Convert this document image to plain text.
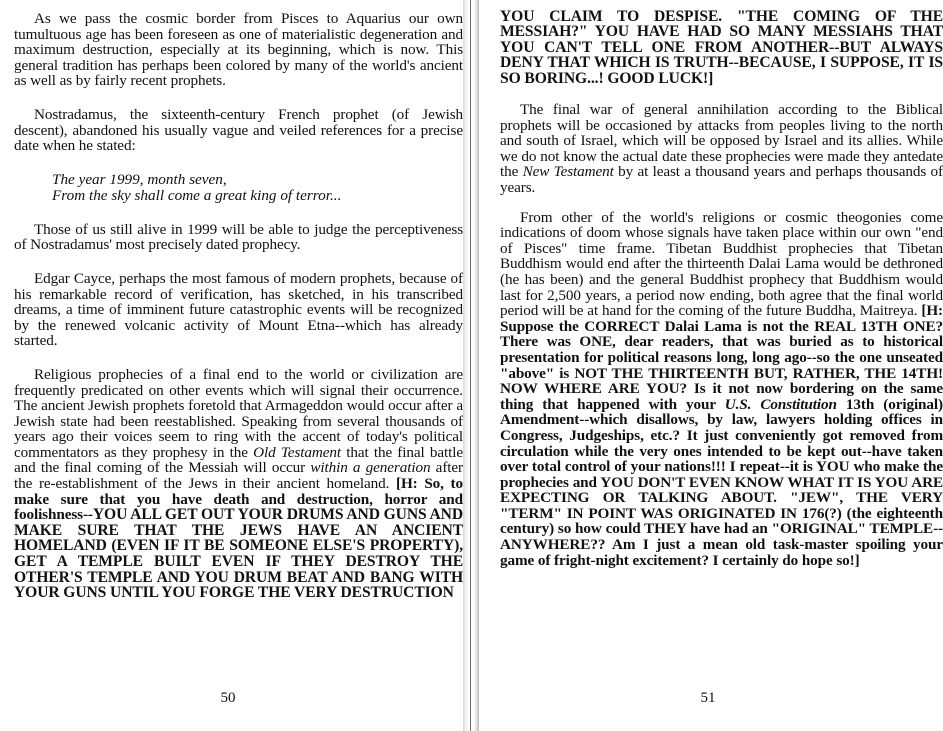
As we pass the cosmic border from Pisces to Aquarius our own tumultuous age has been foreseen as one of materialistic degeneration and maximum destruction, especially at its beginning, which is now. This general tradition has perhaps been colored by many of the world's ancient as well as by fairly recent prophets.

Nostradamus, the sixteenth-century French prophet (of Jewish descent), abandoned his usually vague and veiled references for a precise date when he stated:

The year 1999, month seven,
From the sky shall come a great king of terror...

Those of us still alive in 1999 will be able to judge the perceptiveness of Nostradamus' most precisely dated prophecy.

Edgar Cayce, perhaps the most famous of modern prophets, because of his remarkable record of verification, has sketched, in his transcribed dreams, a time of imminent future catastrophic events will be recognized by the renewed volcanic activity of Mount Etna--which has already started.

Religious prophecies of a final end to the world or civilization are frequently predicated on other events which will signal their occurrence. The ancient Jewish prophets foretold that Armageddon would occur after a Jewish state had been reestablished. Speaking from several thousands of years ago their voices seem to ring with the accent of today's political commentators as they prophesy in the Old Testament that the final battle and the final coming of the Messiah will occur within a generation after the re-establishment of the Jews in their ancient homeland. [H: So, to make sure that you have death and destruction, horror and foolishness--YOU ALL GET OUT YOUR DRUMS AND GUNS AND MAKE SURE THAT THE JEWS HAVE AN ANCIENT HOMELAND (EVEN IF IT BE SOMEONE ELSE'S PROPERTY), GET A TEMPLE BUILT EVEN IF THEY DESTROY THE OTHER'S TEMPLE AND YOU DRUM BEAT AND BANG WITH YOUR GUNS UNTIL YOU FORGE THE VERY DESTRUCTION

50

YOU CLAIM TO DESPISE. "THE COMING OF THE MESSIAH?" YOU HAVE HAD SO MANY MESSIAHS THAT YOU CAN'T TELL ONE FROM ANOTHER--BUT ALWAYS DENY THAT WHICH IS TRUTH--BECAUSE, I SUPPOSE, IT IS SO BORING...! GOOD LUCK!]

The final war of general annihilation according to the Biblical prophets will be occasioned by attacks from peoples living to the north and south of Israel, which will be opposed by Israel and its allies. While we do not know the actual date these prophecies were made they antedate the New Testament by at least a thousand years and perhaps thousands of years.

From other of the world's religions or cosmic theogonies come indications of doom whose signals have taken place within our own "end of Pisces" time frame. Tibetan Buddhist prophecies that Tibetan Buddhism would end after the thirteenth Dalai Lama would be dethroned (he has been) and the general Buddhist prophecy that Buddhism would last for 2,500 years, a period now ending, both agree that the final world period will be at hand for the coming of the future Buddha, Maitreya. [H: Suppose the CORRECT Dalai Lama is not the REAL 13TH ONE? There was ONE, dear readers, that was buried as to historical presentation for political reasons long, long ago--so the one unseated "above" is NOT THE THIRTEENTH BUT, RATHER, THE 14TH! NOW WHERE ARE YOU? Is it not now bordering on the same thing that happened with your U.S. Constitution 13th (original) Amendment--which disallows, by law, lawyers holding offices in Congress, Judgeships, etc.? It just conveniently got removed from circulation while the very ones intended to be kept out--have taken over total control of your nations!!! I repeat--it is YOU who make the prophecies and YOU DON'T EVEN KNOW WHAT IT IS YOU ARE EXPECTING OR TALKING ABOUT. "JEW", THE VERY "TERM" IN POINT WAS ORIGINATED IN 176(?) (the eighteenth century) so how could THEY have had an "ORIGINAL" TEMPLE--ANYWHERE?? Am I just a mean old task-master spoiling your game of fright-night excitement? I certainly do hope so!]

51
